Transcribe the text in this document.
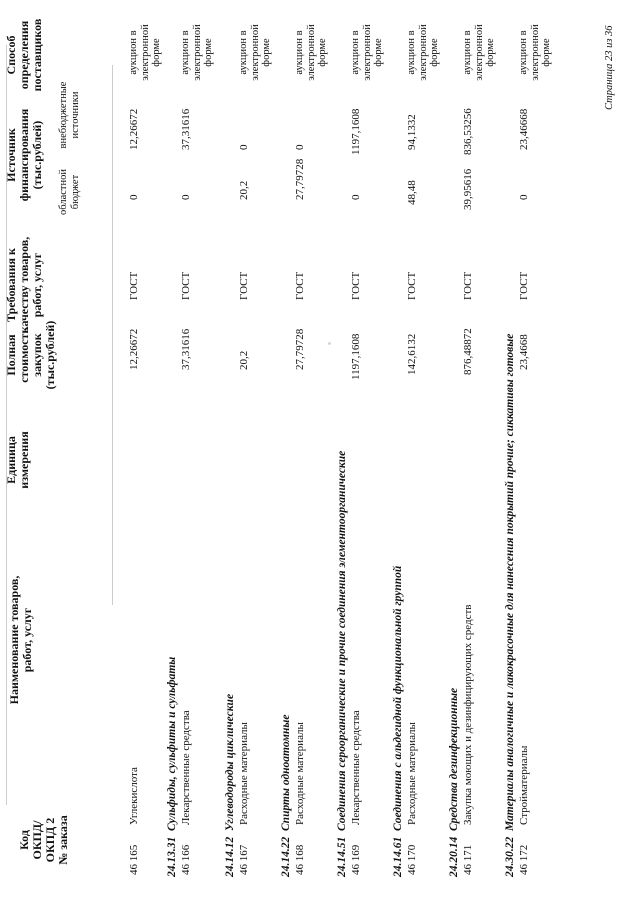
Код ОКПД/ ОКПД 2 № заказа
Наименование товаров, работ, услуг
Единица измерения
Полная стоимость закупок (тыс.рублей)
Требования к качеству товаров, работ, услуг
Источник финансирования (тыс.рублей)
областной бюджет
внебюджетные источники
Способ определения поставщиков
46 165
Углекислота
12,26672
ГОСТ
0
12,26672
аукцион в электронной форме
24.13.31  Сульфиды, сульфиты и сульфаты
46 166
Лекарственные средства
37,31616
ГОСТ
0
37,31616
аукцион в электронной форме
24.14.12  Углеводороды циклические
46 167
Расходные материалы
20,2
ГОСТ
20,2
0
аукцион в электронной форме
24.14.22  Спирты одноатомные
46 168
Расходные материалы
27,79728
ГОСТ
27,79728
0
аукцион в электронной форме
24.14.51  Соединения сероорганические и прочие соединения элементоорганические
46 169
Лекарственные средства
1197,1608
ГОСТ
0
1197,1608
аукцион в электронной форме
24.14.61  Соединения с альдегидной функциональной группой
46 170
Расходные материалы
142,6132
ГОСТ
48,48
94,1332
аукцион в электронной форме
24.20.14  Средства дезинфекционные
46 171
Закупка моющих и дезинфицирующих средств
876,48872
ГОСТ
39,95616
836,53256
аукцион в электронной форме
24.30.22  Материалы аналогичные и лакокрасочные для нанесения покрытий прочие; сиккативы готовые
46 172
Стройматериалы
23,4668
ГОСТ
0
23,46668
аукцион в электронной форме	Страница 23 из 36
